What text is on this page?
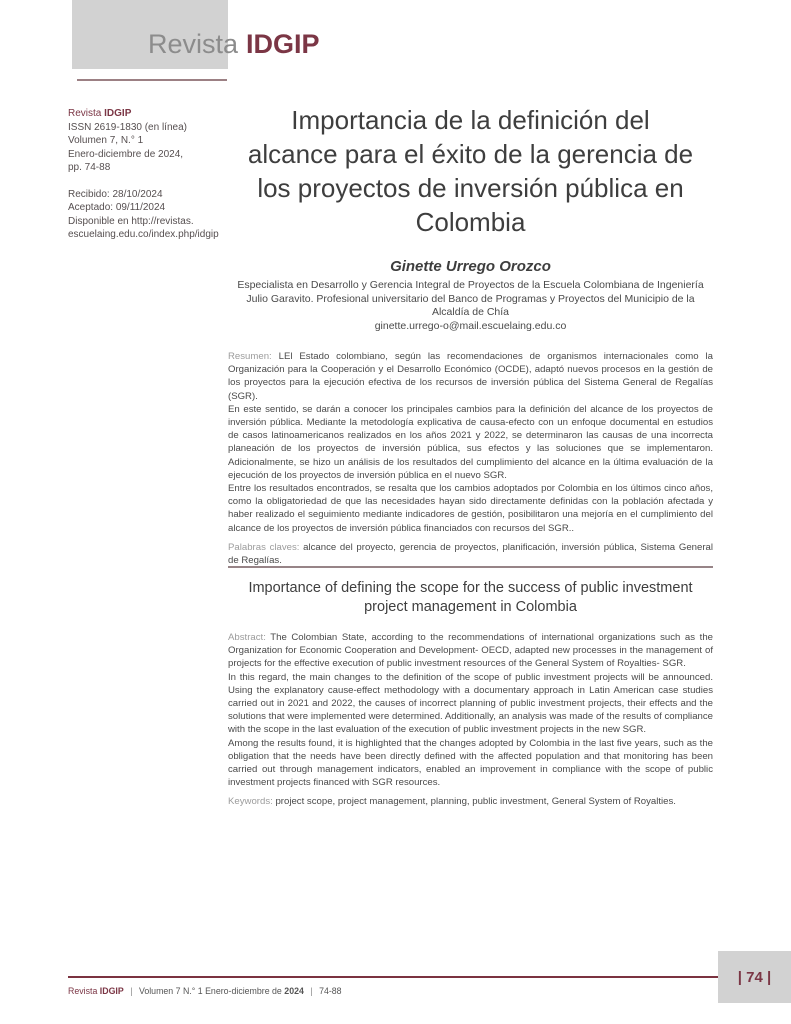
Revista IDGIP
Revista IDGIP
ISSN 2619-1830 (en línea)
Volumen 7, N.° 1
Enero-diciembre de 2024,
pp. 74-88
Recibido: 28/10/2024
Aceptado: 09/11/2024
Disponible en http://revistas.
escuelaing.edu.co/index.php/idgip
Importancia de la definición del
alcance para el éxito de la gerencia de
los proyectos de inversión pública en
Colombia
Ginette Urrego Orozco
Especialista en Desarrollo y Gerencia Integral de Proyectos de la Escuela Colombiana de Ingeniería Julio Garavito. Profesional universitario del Banco de Programas y Proyectos del Municipio de la Alcaldía de Chía
ginette.urrego-o@mail.escuelaing.edu.co

Resumen: LEl Estado colombiano, según las recomendaciones de organismos internacionales como la Organización para la Cooperación y el Desarrollo Económico (OCDE), adaptó nuevos procesos en la gestión de los proyectos para la ejecución efectiva de los recursos de inversión pública del Sistema General de Regalías (SGR).

En este sentido, se darán a conocer los principales cambios para la definición del alcance de los proyectos de inversión pública. Mediante la metodología explicativa de causa-efecto con un enfoque documental en estudios de casos latinoamericanos realizados en los años 2021 y 2022, se determinaron las causas de una incorrecta planeación de los proyectos de inversión pública, sus efectos y las soluciones que se implementaron. Adicionalmente, se hizo un análisis de los resultados del cumplimiento del alcance en la última evaluación de la ejecución de los proyectos de inversión pública en el nuevo SGR.

Entre los resultados encontrados, se resalta que los cambios adoptados por Colombia en los últimos cinco años, como la obligatoriedad de que las necesidades hayan sido directamente definidas con la población afectada y haber realizado el seguimiento mediante indicadores de gestión, posibilitaron una mejoría en el cumplimiento del alcance de los proyectos de inversión pública financiados con recursos del SGR..

Palabras claves: alcance del proyecto, gerencia de proyectos, planificación, inversión pública, Sistema General de Regalías.

Importance of defining the scope for the success of public investment
project management in Colombia

Abstract: The Colombian State, according to the recommendations of international organizations such as the Organization for Economic Cooperation and Development- OECD, adapted new processes in the management of projects for the effective execution of public investment resources of the General System of Royalties- SGR.

In this regard, the main changes to the definition of the scope of public investment projects will be announced. Using the explanatory cause-effect methodology with a documentary approach in Latin American case studies carried out in 2021 and 2022, the causes of incorrect planning of public investment projects, their effects and the solutions that were implemented were determined. Additionally, an analysis was made of the results of compliance with the scope in the last evaluation of the execution of public investment projects in the new SGR.

Among the results found, it is highlighted that the changes adopted by Colombia in the last five years, such as the obligation that the needs have been directly defined with the affected population and that monitoring has been carried out through management indicators, enabled an improvement in compliance with the scope of public investment projects financed with SGR resources.

Keywords: project scope, project management, planning, public investment, General System of Royalties.

| 74 |
Revista IDGIP | Volumen 7 N.° 1 Enero-diciembre de 2024 | 74-88
